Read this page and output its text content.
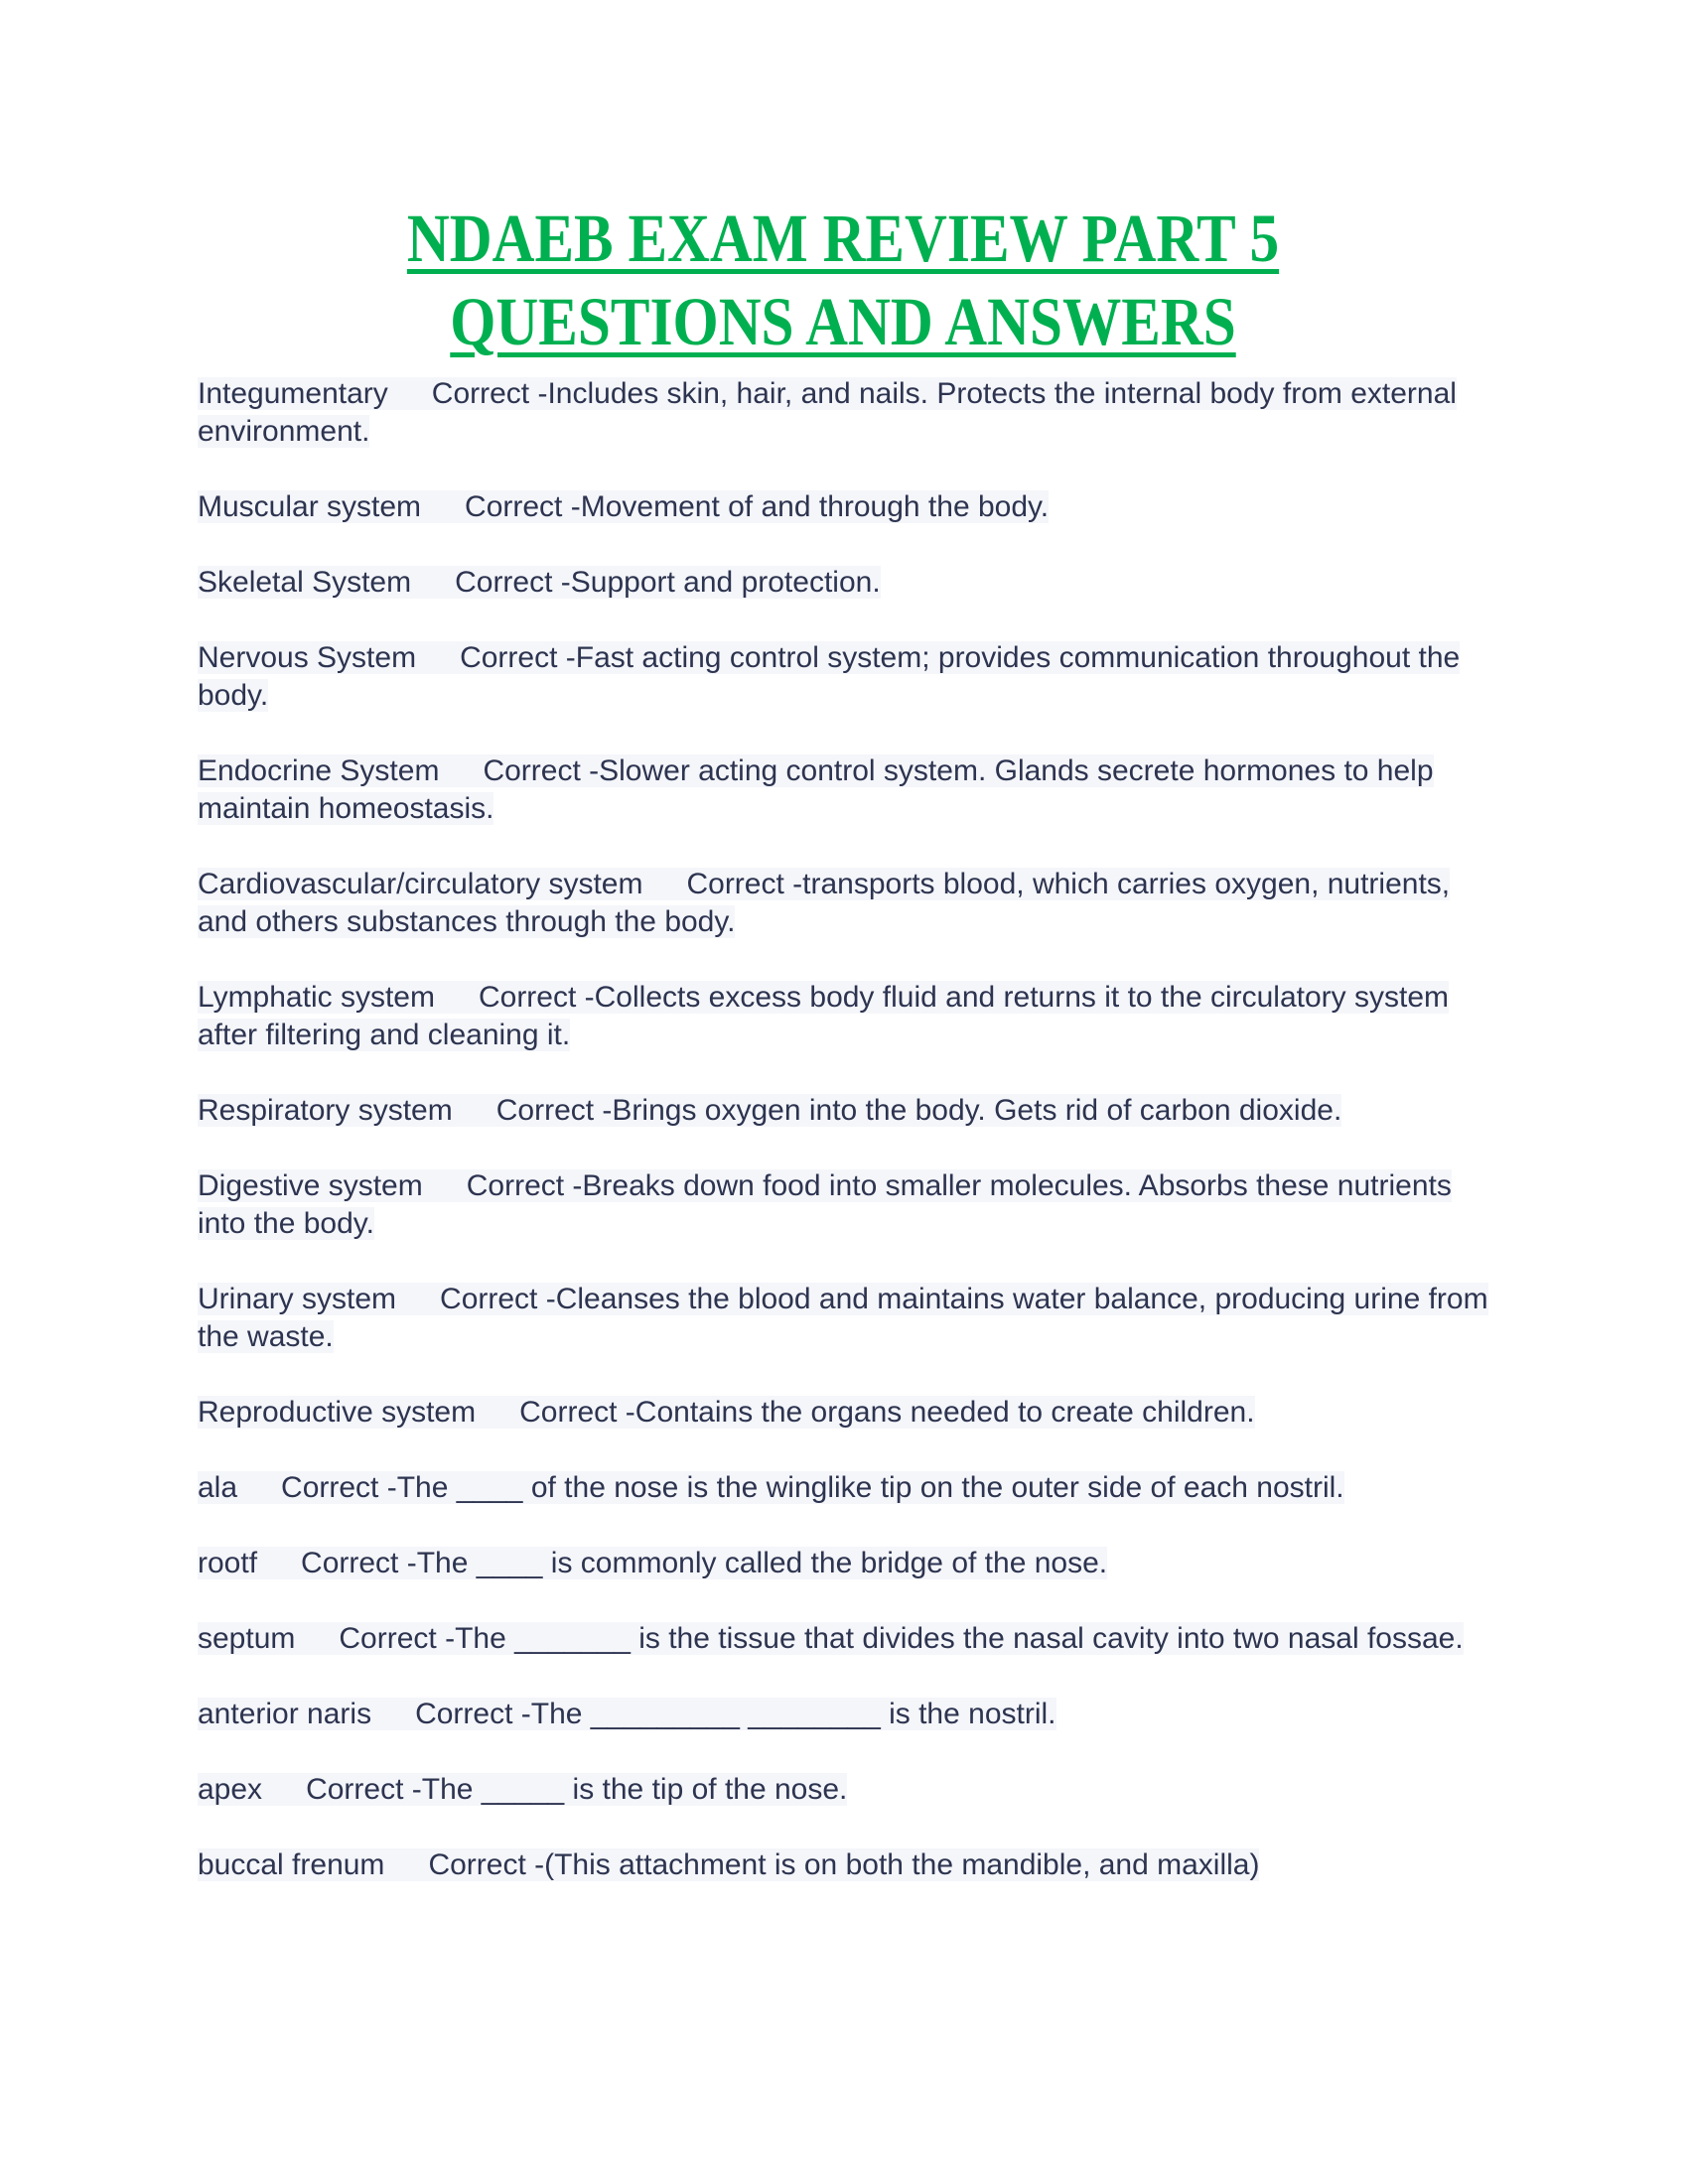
NDAEB EXAM REVIEW PART 5
QUESTIONS AND ANSWERS

Integumentary Correct -Includes skin, hair, and nails. Protects the internal body from external environment.

Muscular system Correct -Movement of and through the body.

Skeletal System Correct -Support and protection.

Nervous System Correct -Fast acting control system; provides communication throughout the body.

Endocrine System Correct -Slower acting control system. Glands secrete hormones to help maintain homeostasis.

Cardiovascular/circulatory system Correct -transports blood, which carries oxygen, nutrients, and others substances through the body.

Lymphatic system Correct -Collects excess body fluid and returns it to the circulatory system after filtering and cleaning it.

Respiratory system Correct -Brings oxygen into the body. Gets rid of carbon dioxide.

Digestive system Correct -Breaks down food into smaller molecules. Absorbs these nutrients into the body.

Urinary system Correct -Cleanses the blood and maintains water balance, producing urine from the waste.

Reproductive system Correct -Contains the organs needed to create children.

ala Correct -The ____ of the nose is the winglike tip on the outer side of each nostril.

rootf Correct -The ____ is commonly called the bridge of the nose.

septum Correct -The _______ is the tissue that divides the nasal cavity into two nasal fossae.

anterior naris Correct -The _________ ________ is the nostril.

apex Correct -The _____ is the tip of the nose.

buccal frenum Correct -(This attachment is on both the mandible, and maxilla)
